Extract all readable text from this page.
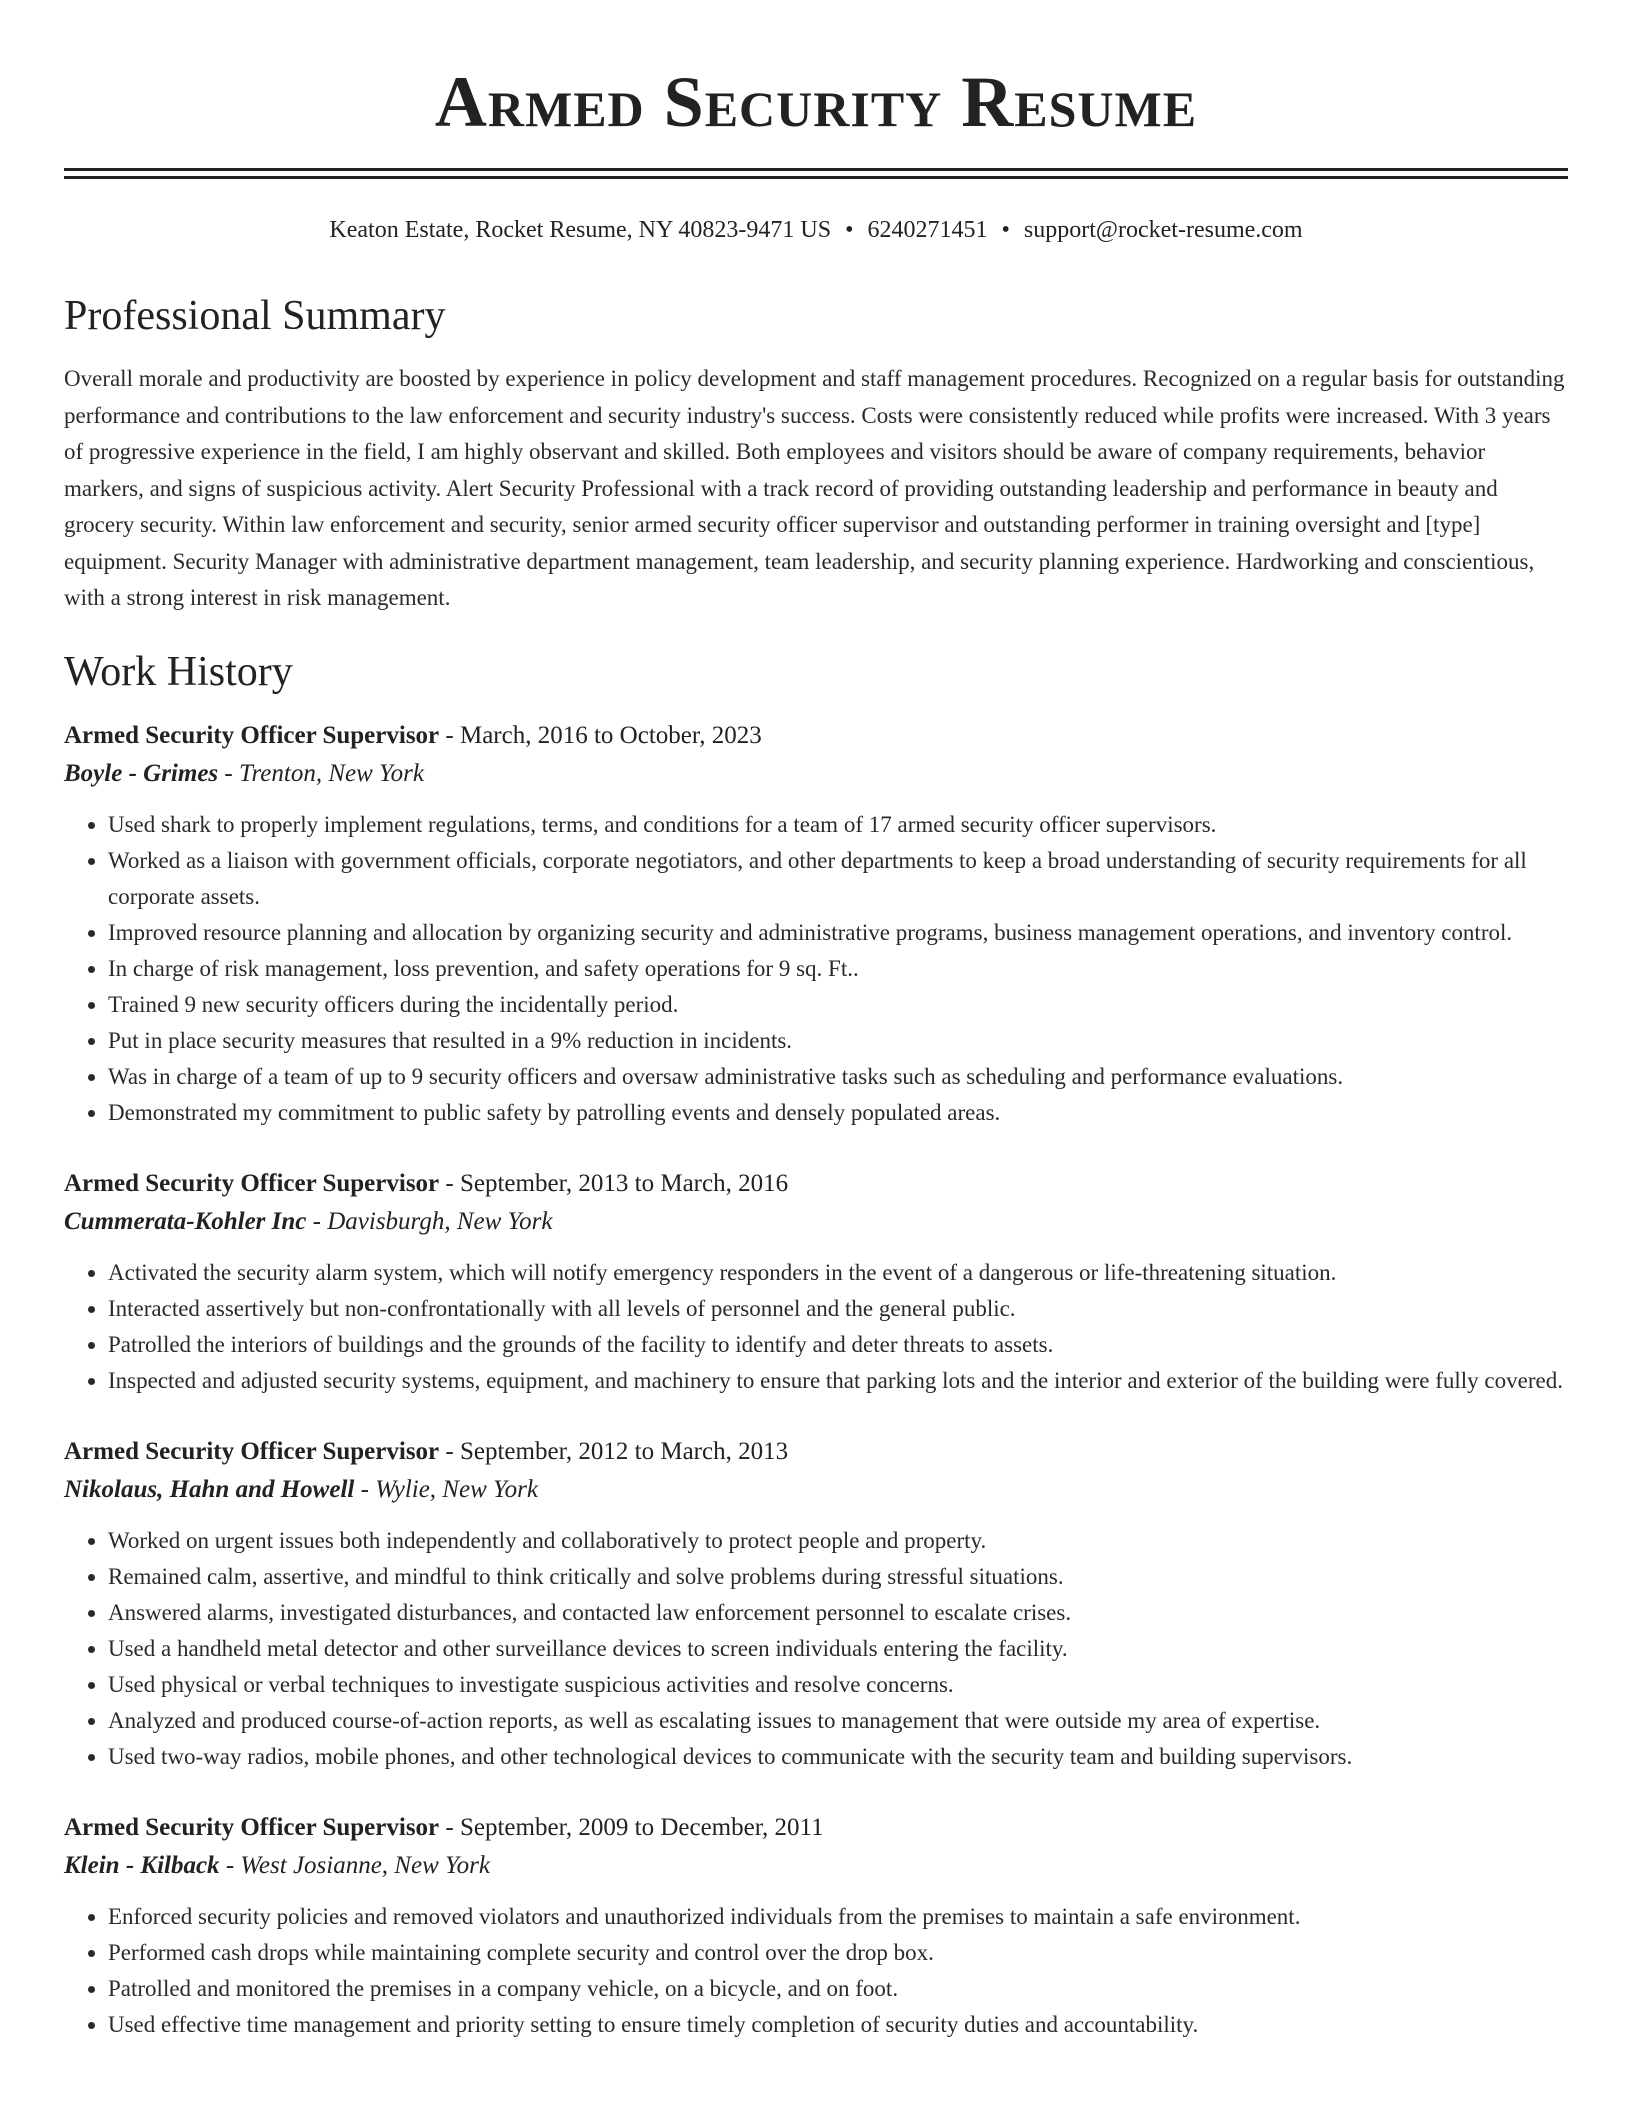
Armed Security Resume
Keaton Estate, Rocket Resume, NY 40823-9471 US • 6240271451 • support@rocket-resume.com
Professional Summary

Overall morale and productivity are boosted by experience in policy development and staff management procedures. Recognized on a regular basis for outstanding performance and contributions to the law enforcement and security industry's success. Costs were consistently reduced while profits were increased. With 3 years of progressive experience in the field, I am highly observant and skilled. Both employees and visitors should be aware of company requirements, behavior markers, and signs of suspicious activity. Alert Security Professional with a track record of providing outstanding leadership and performance in beauty and grocery security. Within law enforcement and security, senior armed security officer supervisor and outstanding performer in training oversight and [type] equipment. Security Manager with administrative department management, team leadership, and security planning experience. Hardworking and conscientious, with a strong interest in risk management.

Work History
Armed Security Officer Supervisor - March, 2016 to October, 2023
Boyle - Grimes - Trenton, New York
• Used shark to properly implement regulations, terms, and conditions for a team of 17 armed security officer supervisors.
• Worked as a liaison with government officials, corporate negotiators, and other departments to keep a broad understanding of security requirements for all corporate assets.
• Improved resource planning and allocation by organizing security and administrative programs, business management operations, and inventory control.
• In charge of risk management, loss prevention, and safety operations for 9 sq. Ft..
• Trained 9 new security officers during the incidentally period.
• Put in place security measures that resulted in a 9% reduction in incidents.
• Was in charge of a team of up to 9 security officers and oversaw administrative tasks such as scheduling and performance evaluations.
• Demonstrated my commitment to public safety by patrolling events and densely populated areas.
Armed Security Officer Supervisor - September, 2013 to March, 2016
Cummerata-Kohler Inc - Davisburgh, New York
• Activated the security alarm system, which will notify emergency responders in the event of a dangerous or life-threatening situation.
• Interacted assertively but non-confrontationally with all levels of personnel and the general public.
• Patrolled the interiors of buildings and the grounds of the facility to identify and deter threats to assets.
• Inspected and adjusted security systems, equipment, and machinery to ensure that parking lots and the interior and exterior of the building were fully covered.
Armed Security Officer Supervisor - September, 2012 to March, 2013
Nikolaus, Hahn and Howell - Wylie, New York
• Worked on urgent issues both independently and collaboratively to protect people and property.
• Remained calm, assertive, and mindful to think critically and solve problems during stressful situations.
• Answered alarms, investigated disturbances, and contacted law enforcement personnel to escalate crises.
• Used a handheld metal detector and other surveillance devices to screen individuals entering the facility.
• Used physical or verbal techniques to investigate suspicious activities and resolve concerns.
• Analyzed and produced course-of-action reports, as well as escalating issues to management that were outside my area of expertise.
• Used two-way radios, mobile phones, and other technological devices to communicate with the security team and building supervisors.
Armed Security Officer Supervisor - September, 2009 to December, 2011
Klein - Kilback - West Josianne, New York
• Enforced security policies and removed violators and unauthorized individuals from the premises to maintain a safe environment.
• Performed cash drops while maintaining complete security and control over the drop box.
• Patrolled and monitored the premises in a company vehicle, on a bicycle, and on foot.
• Used effective time management and priority setting to ensure timely completion of security duties and accountability.
